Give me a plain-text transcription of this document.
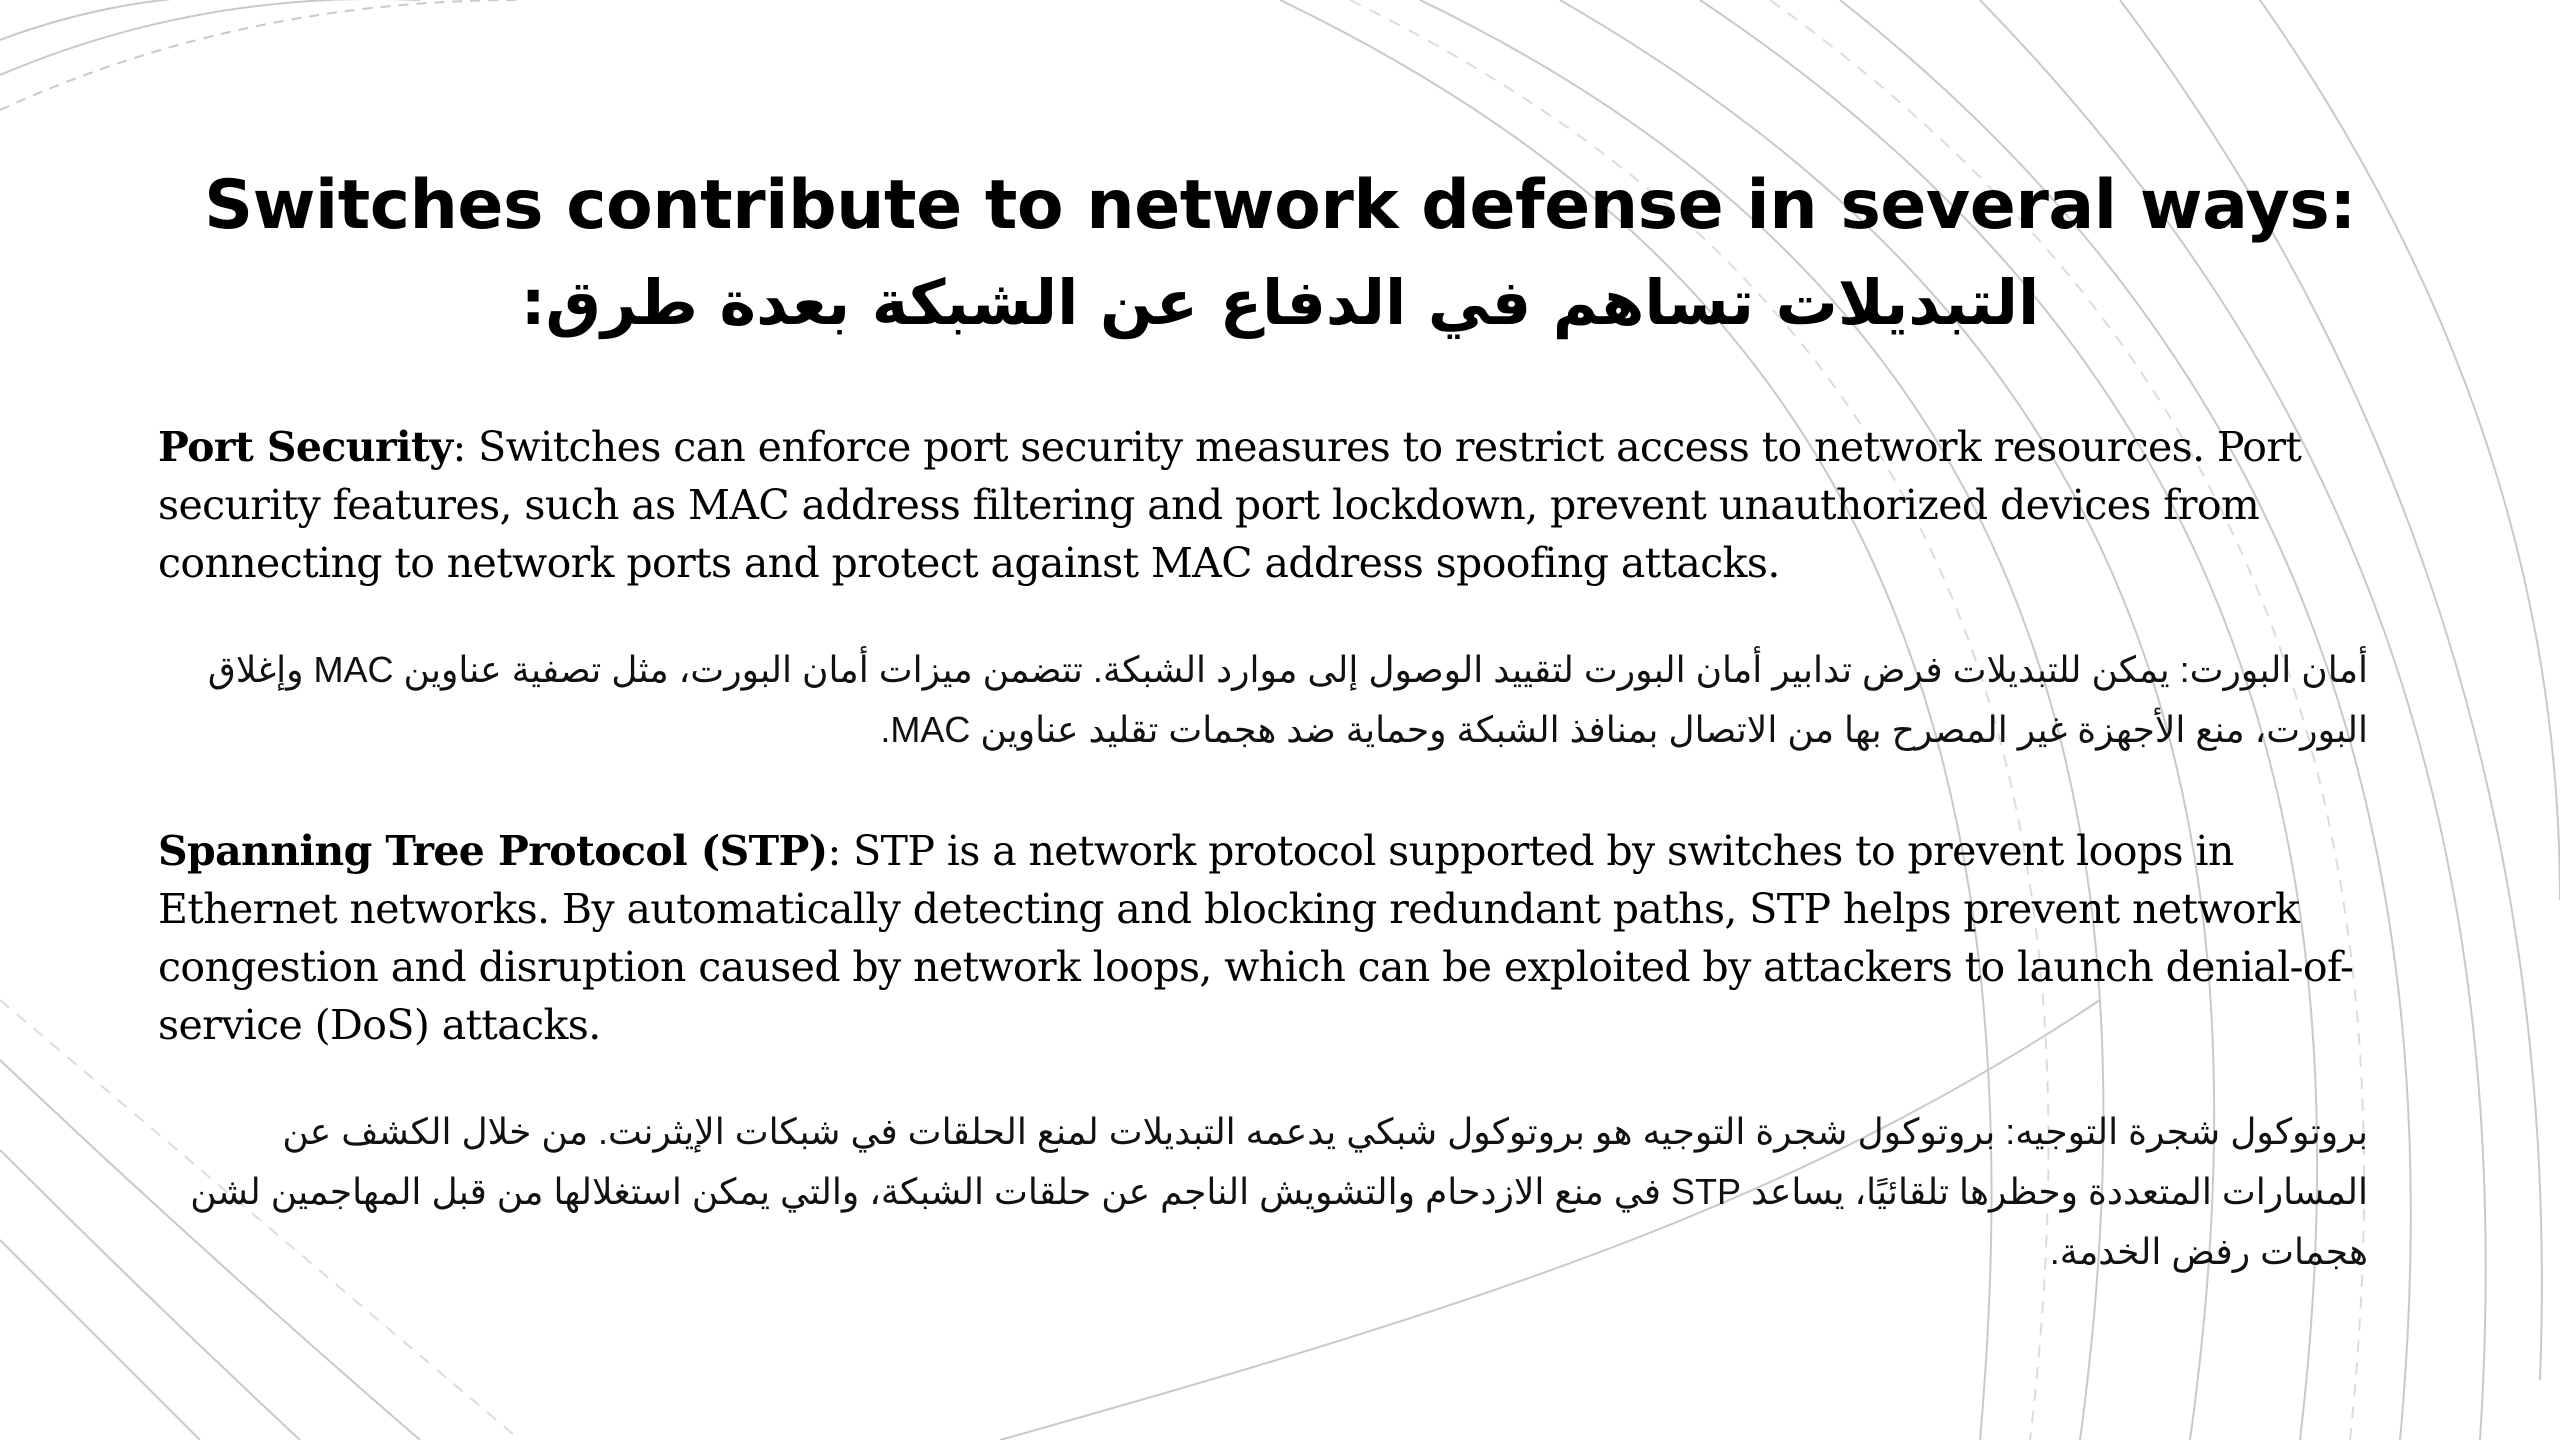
Switches contribute to network defense in several ways:
التبديلات تساهم في الدفاع عن الشبكة بعدة طرق:

Port Security: Switches can enforce port security measures to restrict access to network resources. Port security features, such as MAC address filtering and port lockdown, prevent unauthorized devices from connecting to network ports and protect against MAC address spoofing attacks.

أمان البورت: يمكن للتبديلات فرض تدابير أمان البورت لتقييد الوصول إلى موارد الشبكة. تتضمن ميزات أمان البورت، مثل تصفية عناوين MAC وإغلاق البورت، منع الأجهزة غير المصرح بها من الاتصال بمنافذ الشبكة وحماية ضد هجمات تقليد عناوين MAC.

Spanning Tree Protocol (STP): STP is a network protocol supported by switches to prevent loops in Ethernet networks. By automatically detecting and blocking redundant paths, STP helps prevent network congestion and disruption caused by network loops, which can be exploited by attackers to launch denial-of-service (DoS) attacks.

بروتوكول شجرة التوجيه: بروتوكول شجرة التوجيه هو بروتوكول شبكي يدعمه التبديلات لمنع الحلقات في شبكات الإيثرنت. من خلال الكشف عن المسارات المتعددة وحظرها تلقائيًا، يساعد STP في منع الازدحام والتشويش الناجم عن حلقات الشبكة، والتي يمكن استغلالها من قبل المهاجمين لشن هجمات رفض الخدمة.
